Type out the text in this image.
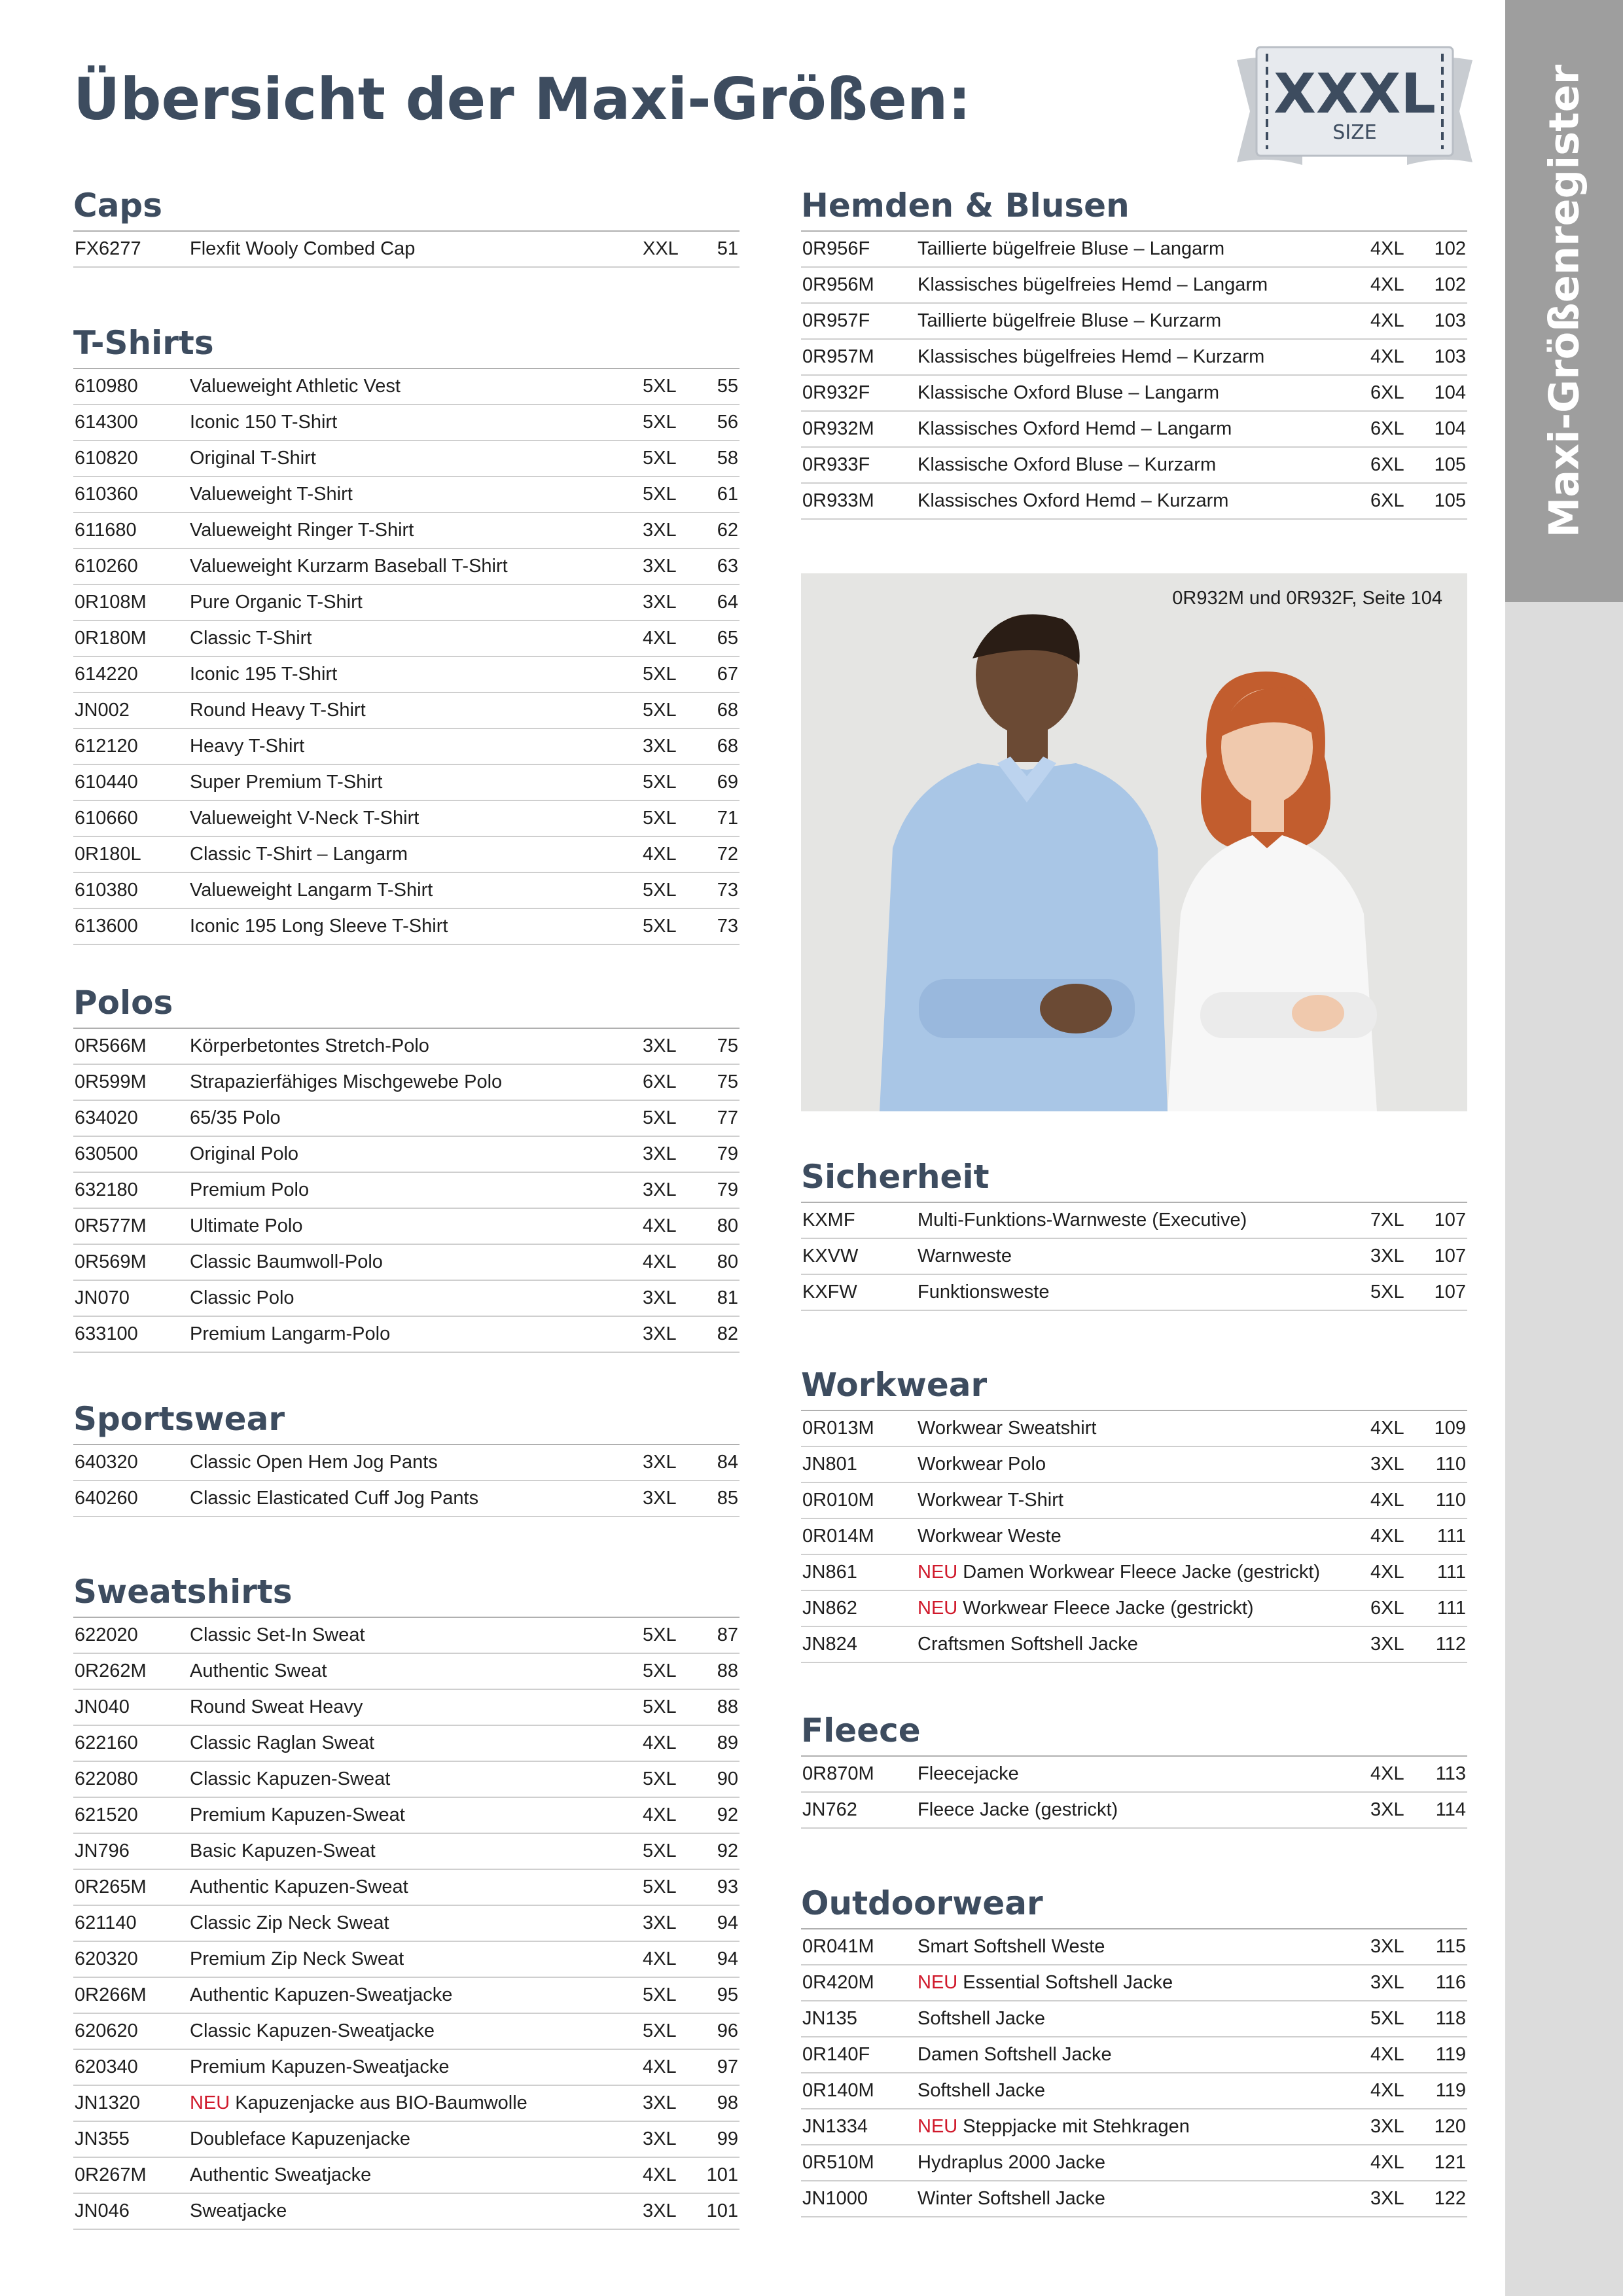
Übersicht der Maxi-Größen:	XXXL
SIZE	Maxi-Größenregister
Caps
FX6277	Flexfit Wooly Combed Cap	XXL 51
T-Shirts
610980	Valueweight Athletic Vest	5XL 55
614300	Iconic 150 T-Shirt	5XL 56
610820	Original T-Shirt	5XL 58
610360	Valueweight T-Shirt	5XL 61
611680	Valueweight Ringer T-Shirt	3XL 62
610260	Valueweight Kurzarm Baseball T-Shirt	3XL 63
0R108M Pure Organic T-Shirt	3XL 64
0R180M Classic T-Shirt	4XL 65
614220	Iconic 195 T-Shirt	5XL 67
JN002	Round Heavy T-Shirt	5XL 68
612120	Heavy T-Shirt	3XL 68
610440	Super Premium T-Shirt	5XL 69
610660	Valueweight V-Neck T-Shirt	5XL 71
0R180L	Classic T-Shirt – Langarm	4XL 72
610380	Valueweight Langarm T-Shirt	5XL 73
613600	Iconic 195 Long Sleeve T-Shirt	5XL 73
Polos
0R566M Körperbetontes Stretch-Polo	3XL 75
0R599M Strapazierfähiges Mischgewebe Polo	6XL 75
634020	65/35 Polo	5XL 77
630500	Original Polo	3XL 79
632180	Premium Polo	3XL 79
0R577M Ultimate Polo	4XL 80
0R569M Classic Baumwoll-Polo	4XL 80
JN070	Classic Polo	3XL 81
633100	Premium Langarm-Polo	3XL 82
Sportswear
640320	Classic Open Hem Jog Pants	3XL 84
640260	Classic Elasticated Cuff Jog Pants	3XL 85
Sweatshirts
622020	Classic Set-In Sweat	5XL 87
0R262M Authentic Sweat	5XL 88
JN040	Round Sweat Heavy	5XL 88
622160	Classic Raglan Sweat	4XL 89
622080	Classic Kapuzen-Sweat	5XL 90
621520	Premium Kapuzen-Sweat	4XL 92
JN796	Basic Kapuzen-Sweat	5XL 92
0R265M Authentic Kapuzen-Sweat	5XL 93
621140	Classic Zip Neck Sweat	3XL 94
620320	Premium Zip Neck Sweat	4XL 94
0R266M Authentic Kapuzen-Sweatjacke	5XL 95
620620	Classic Kapuzen-Sweatjacke	5XL 96
620340	Premium Kapuzen-Sweatjacke	4XL 97
JN1320	NEU Kapuzenjacke aus BIO-Baumwolle	3XL 98
JN355	Doubleface Kapuzenjacke	3XL 99
0R267M Authentic Sweatjacke	4XL 101
JN046	Sweatjacke	3XL 101
Hemden & Blusen
0R956F	Taillierte bügelfreie Bluse – Langarm	4XL 102
0R956M Klassisches bügelfreies Hemd – Langarm	4XL 102
0R957F	Taillierte bügelfreie Bluse – Kurzarm	4XL 103
0R957M Klassisches bügelfreies Hemd – Kurzarm	4XL 103
0R932F	Klassische Oxford Bluse – Langarm	6XL 104
0R932M Klassisches Oxford Hemd – Langarm	6XL 104
0R933F	Klassische Oxford Bluse – Kurzarm	6XL 105
0R933M Klassisches Oxford Hemd – Kurzarm	6XL 105
0R932M und 0R932F, Seite 104
Sicherheit
KXMF	Multi-Funktions-Warnweste (Executive)	7XL 107
KXVW	Warnweste	3XL 107
KXFW	Funktionsweste	5XL 107
Workwear
0R013M Workwear Sweatshirt	4XL 109
JN801	Workwear Polo	3XL 110
0R010M Workwear T-Shirt	4XL 110
0R014M Workwear Weste	4XL 111
JN861	NEU Damen Workwear Fleece Jacke (gestrickt)	4XL 111
JN862	NEU Workwear Fleece Jacke (gestrickt)	6XL 111
JN824	Craftsmen Softshell Jacke	3XL 112
Fleece
0R870M Fleecejacke	4XL 113
JN762	Fleece Jacke (gestrickt)	3XL 114
Outdoorwear
0R041M Smart Softshell Weste	3XL 115
0R420M NEU Essential Softshell Jacke	3XL 116
JN135	Softshell Jacke	5XL 118
0R140F	Damen Softshell Jacke	4XL 119
0R140M Softshell Jacke	4XL 119
JN1334	NEU Steppjacke mit Stehkragen	3XL 120
0R510M Hydraplus 2000 Jacke	4XL 121
JN1000	Winter Softshell Jacke	3XL 122
